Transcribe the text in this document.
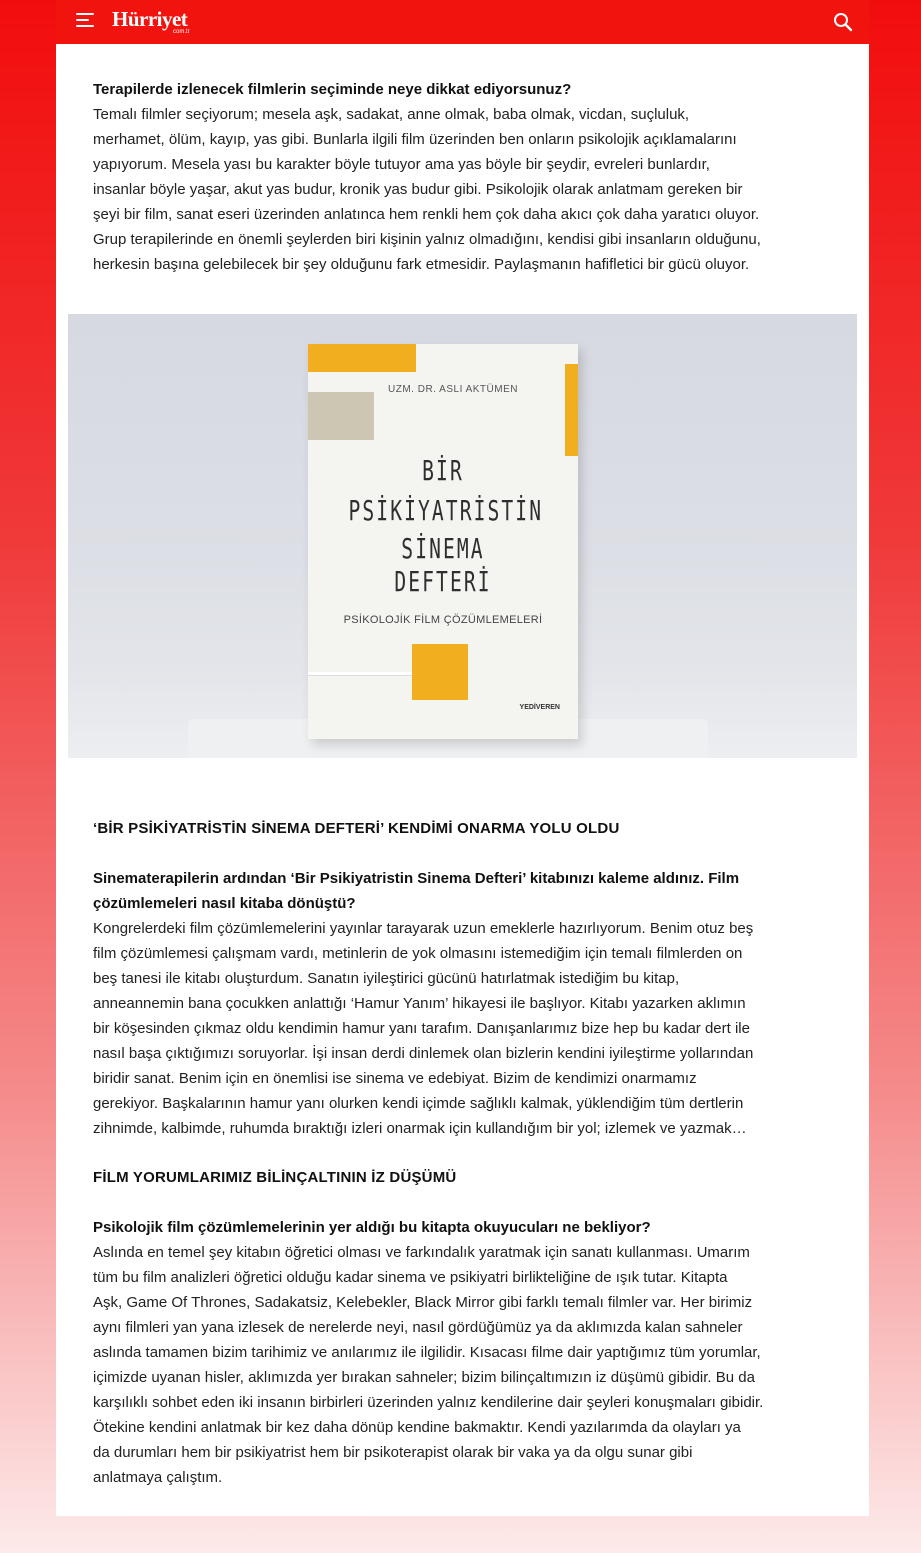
Hürriyet
com.tr

Terapilerde izlenecek filmlerin seçiminde neye dikkat ediyorsunuz?

Temalı filmler seçiyorum; mesela aşk, sadakat, anne olmak, baba olmak, vicdan, suçluluk,

merhamet, ölüm, kayıp, yas gibi. Bunlarla ilgili film üzerinden ben onların psikolojik açıklamalarını

yapıyorum. Mesela yası bu karakter böyle tutuyor ama yas böyle bir şeydir, evreleri bunlardır,

insanlar böyle yaşar, akut yas budur, kronik yas budur gibi. Psikolojik olarak anlatmam gereken bir

şeyi bir film, sanat eseri üzerinden anlatınca hem renkli hem çok daha akıcı çok daha yaratıcı oluyor.

Grup terapilerinde en önemli şeylerden biri kişinin yalnız olmadığını, kendisi gibi insanların olduğunu,

herkesin başına gelebilecek bir şey olduğunu fark etmesidir. Paylaşmanın hafifletici bir gücü oluyor.

UZM. DR. ASLI AKTÜMEN
BİR
PSİKİYATRİSTİN
SİNEMA DEFTERİ
PSİKOLOJİK FİLM ÇÖZÜMLEMELERİ
YEDİVEREN
‘BİR PSİKİYATRİSTİN SİNEMA DEFTERİ’ KENDİMİ ONARMA YOLU OLDU

Sinematerapilerin ardından ‘Bir Psikiyatristin Sinema Defteri’ kitabınızı kaleme aldınız. Film

çözümlemeleri nasıl kitaba dönüştü?

Kongrelerdeki film çözümlemelerini yayınlar tarayarak uzun emeklerle hazırlıyorum. Benim otuz beş

film çözümlemesi çalışmam vardı, metinlerin de yok olmasını istemediğim için temalı filmlerden on

beş tanesi ile kitabı oluşturdum. Sanatın iyileştirici gücünü hatırlatmak istediğim bu kitap,

anneannemin bana çocukken anlattığı ‘Hamur Yanım’ hikayesi ile başlıyor. Kitabı yazarken aklımın

bir köşesinden çıkmaz oldu kendimin hamur yanı tarafım. Danışanlarımız bize hep bu kadar dert ile

nasıl başa çıktığımızı soruyorlar. İşi insan derdi dinlemek olan bizlerin kendini iyileştirme yollarından

biridir sanat. Benim için en önemlisi ise sinema ve edebiyat. Bizim de kendimizi onarmamız

gerekiyor. Başkalarının hamur yanı olurken kendi içimde sağlıklı kalmak, yüklendiğim tüm dertlerin

zihnimde, kalbimde, ruhumda bıraktığı izleri onarmak için kullandığım bir yol; izlemek ve yazmak…

FİLM YORUMLARIMIZ BİLİNÇALTININ İZ DÜŞÜMÜ

Psikolojik film çözümlemelerinin yer aldığı bu kitapta okuyucuları ne bekliyor?

Aslında en temel şey kitabın öğretici olması ve farkındalık yaratmak için sanatı kullanması. Umarım

tüm bu film analizleri öğretici olduğu kadar sinema ve psikiyatri birlikteliğine de ışık tutar. Kitapta

Aşk, Game Of Thrones, Sadakatsiz, Kelebekler, Black Mirror gibi farklı temalı filmler var. Her birimiz

aynı filmleri yan yana izlesek de nerelerde neyi, nasıl gördüğümüz ya da aklımızda kalan sahneler

aslında tamamen bizim tarihimiz ve anılarımız ile ilgilidir. Kısacası filme dair yaptığımız tüm yorumlar,

içimizde uyanan hisler, aklımızda yer bırakan sahneler; bizim bilinçaltımızın iz düşümü gibidir. Bu da

karşılıklı sohbet eden iki insanın birbirleri üzerinden yalnız kendilerine dair şeyleri konuşmaları gibidir.

Ötekine kendini anlatmak bir kez daha dönüp kendine bakmaktır. Kendi yazılarımda da olayları ya

da durumları hem bir psikiyatrist hem bir psikoterapist olarak bir vaka ya da olgu sunar gibi

anlatmaya çalıştım.
